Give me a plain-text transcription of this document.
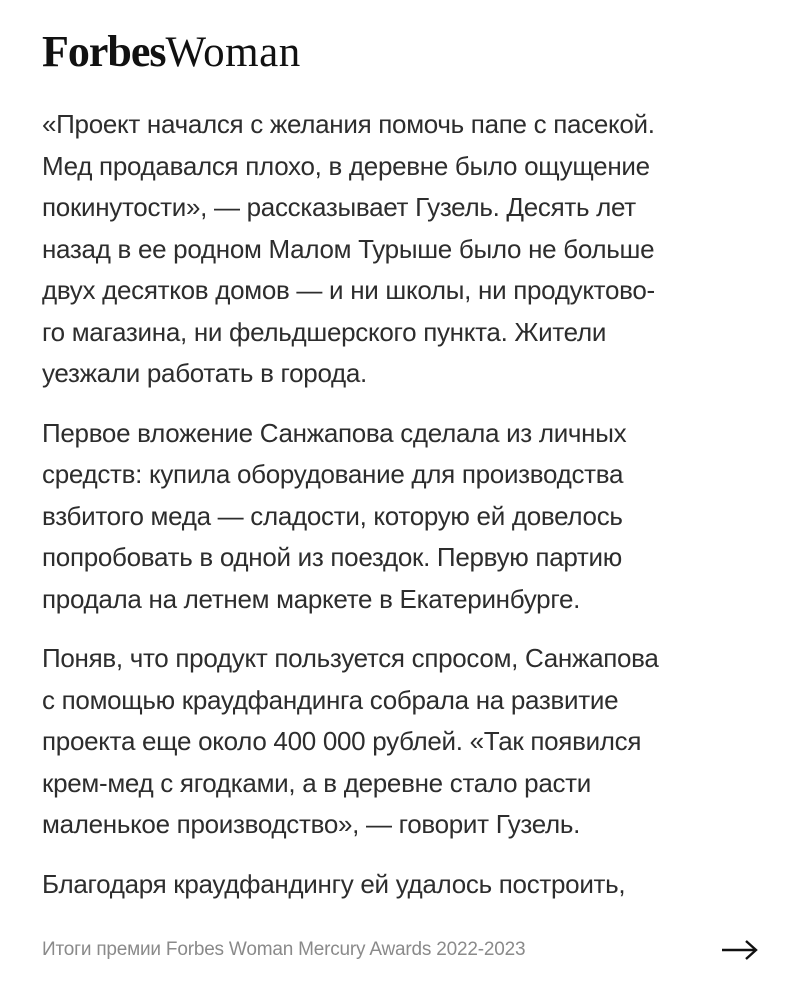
Forbes Woman

«Проект начался с желания помочь папе с пасекой.
Мед продавался плохо, в деревне было ощущение
покинутости», — рассказывает Гузель. Десять лет
назад в ее родном Малом Турыше было не больше
двух десятков домов — и ни школы, ни продуктово-
го магазина, ни фельдшерского пункта. Жители
уезжали работать в города.

Первое вложение Санжапова сделала из личных
средств: купила оборудование для производства
взбитого меда — сладости, которую ей довелось
попробовать в одной из поездок. Первую партию
продала на летнем маркете в Екатеринбурге.

Поняв, что продукт пользуется спросом, Санжапова
с помощью краудфандинга собрала на развитие
проекта еще около 400 000 рублей. «Так появился
крем-мед с ягодками, а в деревне стало расти
маленькое производство», — говорит Гузель.

Благодаря краудфандингу ей удалось построить,

Итоги премии Forbes Woman Mercury Awards 2022-2023
